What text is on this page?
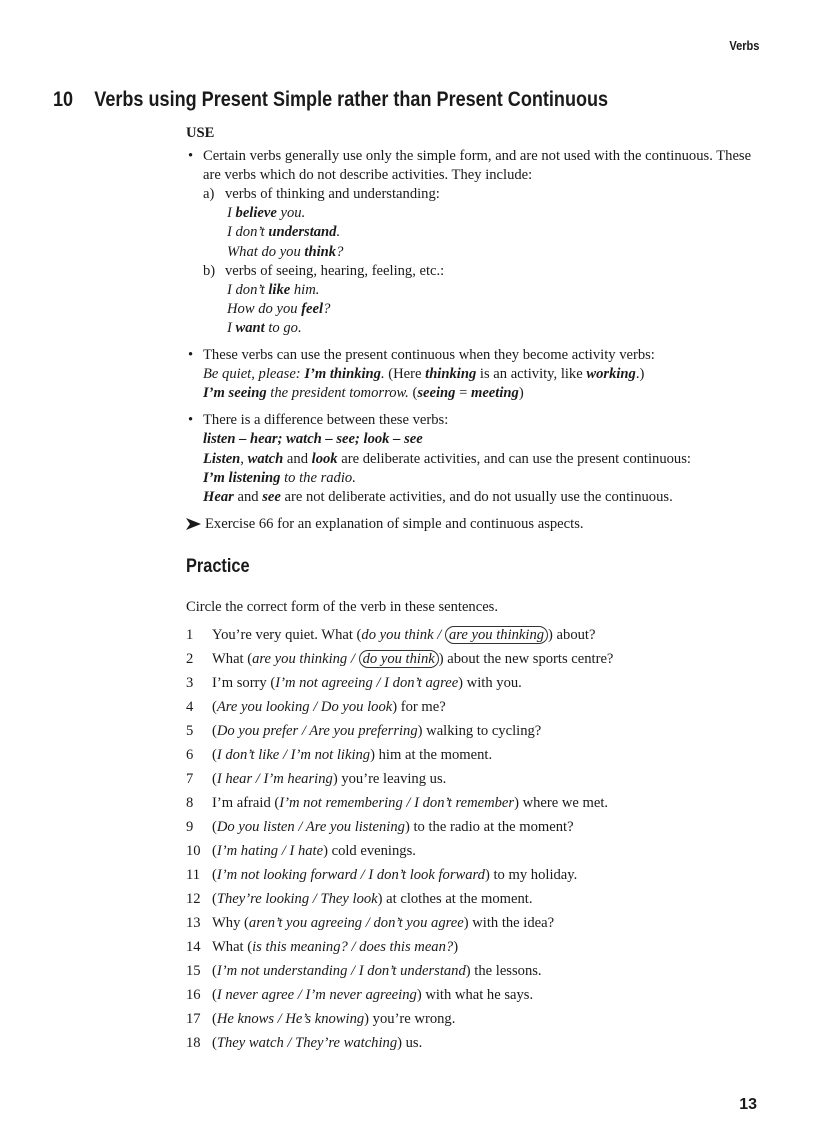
Verbs
10 Verbs using Present Simple rather than Present Continuous
USE
• Certain verbs generally use only the simple form, and are not used with the continuous. These are verbs which do not describe activities. They include:
a) verbs of thinking and understanding:
I believe you.
I don’t understand.
What do you think?
b) verbs of seeing, hearing, feeling, etc.:
I don’t like him.
How do you feel?
I want to go.
• These verbs can use the present continuous when they become activity verbs:
Be quiet, please: I’m thinking. (Here thinking is an activity, like working.)
I’m seeing the president tomorrow. (seeing = meeting)
• There is a difference between these verbs:
listen – hear; watch – see; look – see
Listen, watch and look are deliberate activities, and can use the present continuous:
I’m listening to the radio.
Hear and see are not deliberate activities, and do not usually use the continuous.
Exercise 66 for an explanation of simple and continuous aspects.
Practice
Circle the correct form of the verb in these sentences.
1 You’re very quiet. What (do you think / are you thinking ) about?
2 What (are you thinking / do you think ) about the new sports centre?
3 I’m sorry (I’m not agreeing / I don’t agree) with you.
4 (Are you looking / Do you look) for me?
5 (Do you prefer / Are you preferring) walking to cycling?
6 (I don’t like / I’m not liking) him at the moment.
7 (I hear / I’m hearing) you’re leaving us.
8 I’m afraid (I’m not remembering / I don’t remember) where we met.
9 (Do you listen / Are you listening) to the radio at the moment?
10 (I’m hating / I hate) cold evenings.
11 (I’m not looking forward / I don’t look forward) to my holiday.
12 (They’re looking / They look) at clothes at the moment.
13 Why (aren’t you agreeing / don’t you agree) with the idea?
14 What (is this meaning? / does this mean?)
15 (I’m not understanding / I don’t understand) the lessons.
16 (I never agree / I’m never agreeing) with what he says.
17 (He knows / He’s knowing) you’re wrong.
18 (They watch / They’re watching) us.
13
